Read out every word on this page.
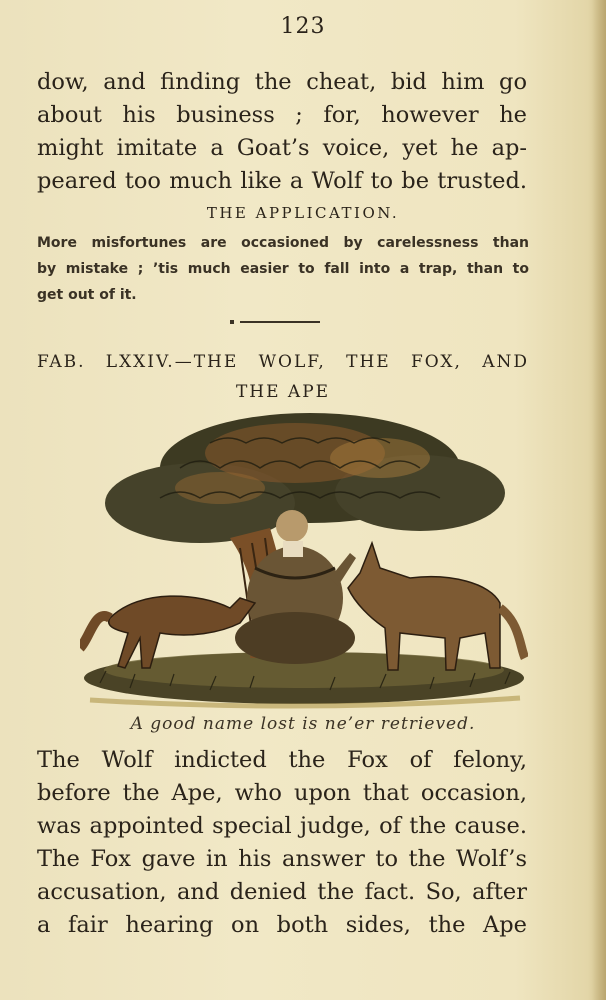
123
dow, and finding the cheat, bid him go
about his business ; for, however he
might imitate a Goat’s voice, yet he ap-
peared too much like a Wolf to be trusted.
THE APPLICATION.
More misfortunes are occasioned by carelessness than
by mistake ; ’tis much easier to fall into a trap, than to
get out of it.
FAB. LXXIV.—THE WOLF, THE FOX, AND
THE APE
A good name lost is ne’er retrieved.
The Wolf indicted the Fox of felony,
before the Ape, who upon that occasion,
was appointed special judge, of the cause.
The Fox gave in his answer to the Wolf’s
accusation, and denied the fact. So, after
a fair hearing on both sides, the Ape
